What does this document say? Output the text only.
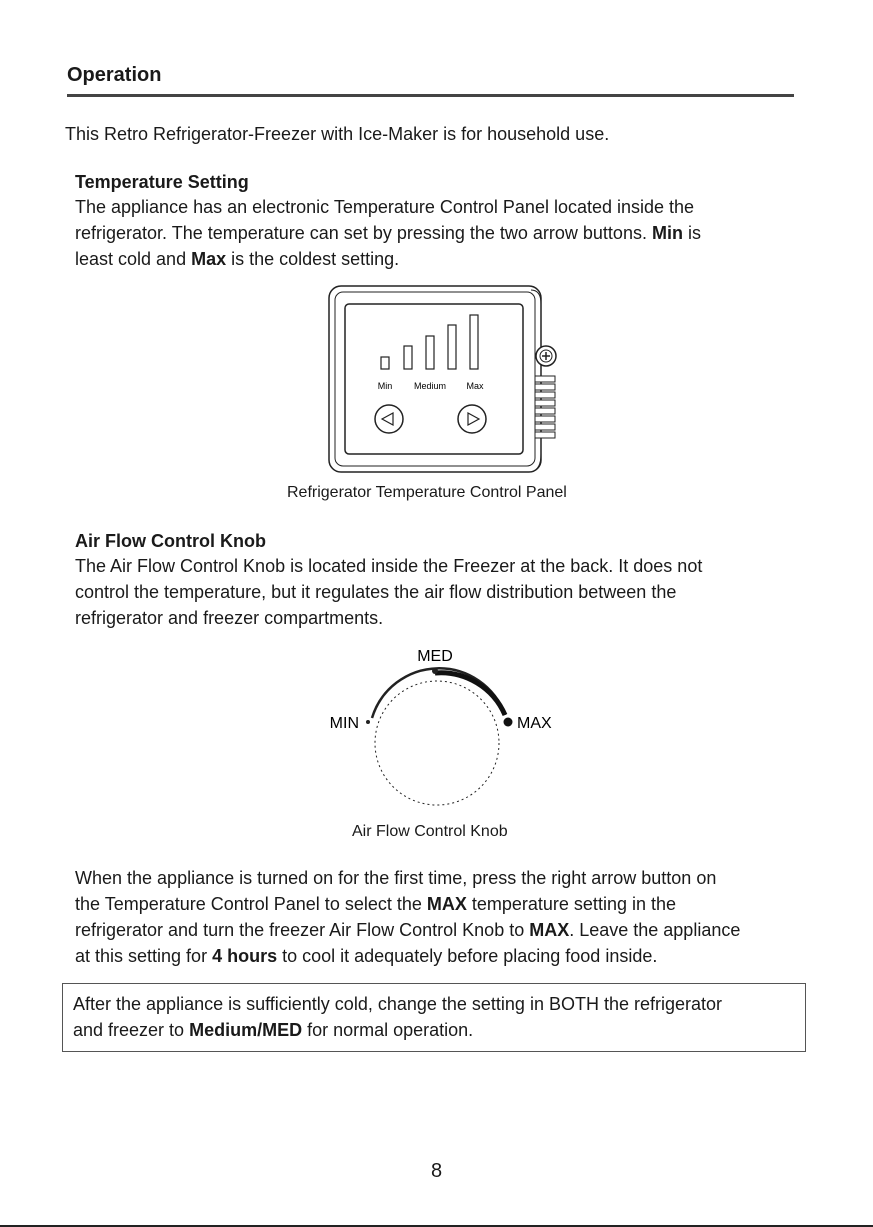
Operation

This Retro Refrigerator-Freezer with Ice-Maker is for household use.

Temperature Setting

The appliance has an electronic Temperature Control Panel located inside the

refrigerator. The temperature can set by pressing the two arrow buttons. Min is

least cold and Max is the coldest setting.

Min Medium Max
Refrigerator Temperature Control Panel
Air Flow Control Knob

The Air Flow Control Knob is located inside the Freezer at the back. It does not

control the temperature, but it regulates the air flow distribution between the

refrigerator and freezer compartments.

MED
MIN	MAX
Air Flow Control Knob

When the appliance is turned on for the first time, press the right arrow button on

the Temperature Control Panel to select the MAX temperature setting in the

refrigerator and turn the freezer Air Flow Control Knob to MAX. Leave the appliance

at this setting for 4 hours to cool it adequately before placing food inside.

After the appliance is sufficiently cold, change the setting in BOTH the refrigerator

and freezer to Medium/MED for normal operation.

8
